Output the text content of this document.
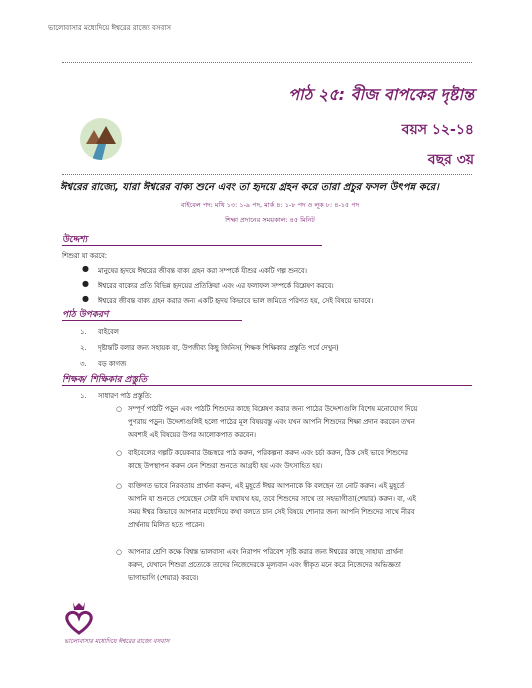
ভালোবাসার মধ্যেদিয়ে ঈশ্বরের রাজ্যে বসবাস
পাঠ ২৫: বীজ বাপকের দৃষ্টান্ত
বয়স ১২-১৪
বছর ৩য়
ঈশ্বরের রাজ্যে, যারা ঈশ্বরের বাক্য শুনে এবং তা হৃদয়ে গ্রহন করে তারা প্রচুর ফসল উৎপন্ন করে।
বাইবেল পদ: মথি ১৩: ১-৯ পদ, মার্ক ৪: ১-৮ পদ ও লূক ৮: ৪-১৫ পদ
শিক্ষা প্রদানের সময়কাল: ৪৫ মিনিট
উদ্দেশ্য
শিশুরা যা করবে:
●	মানুষের হৃদয়ে ঈশ্বরের জীবন্ত বাক্য গ্রহন করা সম্পর্কে যীশুর একটি গল্প শুনবে।
●	ঈশ্বরের বাক্যের প্রতি বিভিন্ন হৃদয়ের প্রতিক্রিয়া এবং এর ফলাফল সম্পর্কে বিশ্লেষণ করবে।
●	ঈশ্বরের জীবন্ত বাক্য গ্রহন করার জন্য একটি হৃদয় কিভাবে ভাল জমিতে পরিণত হয়, সেই বিষয়ে ভাববে।
পাঠ উপকরণ
১. বাইবেল
২. দৃষ্টান্তটি বলার জন্য সহায়ক বা, উপজীব্য কিছু জিনিস( শিক্ষক শিক্ষিকার প্রস্তুতি পর্বে দেখুন)
৩. বড় কাগজ
শিক্ষক/ শিক্ষিকার প্রস্তুতি
১. সাধারণ পাঠ প্রস্তুতি:
○ সম্পূর্ণ পাঠটি পড়ুন এবং পাঠটি শিশুদের কাছে বিশ্লেষণ করার জন্য পাঠের উদ্দেশ্যগুলি বিশেষ মনোযোগ দিয়ে
পুণরায় পড়ুন। উদ্দেশ্যগুলিই হলো পাঠের মূল বিষয়বস্তু এবং যখন আপনি শিশুদের শিক্ষা প্রদান করবেন তখন
অবশ্যই এই বিষয়ের উপর আলোকপাত করবেন।
○ বাইবেলের গল্পটি কয়েকবার উচ্চস্বরে পাঠ করুন, পরিকল্পনা করুন এবং চর্চা করুন, ঠিক সেই ভাবে শিশুদের
কাছে উপস্থাপন করুন যেন শিশুরা শুনতে আগ্রহী হয় এবং উৎসাহিত হয়।
○ ব্যক্তিগত ভাবে নিরবতায় প্রার্থনা করুন, এই মুহূর্তে ঈশ্বর আপনাকে কি বলছেন তা নোট করুন। এই মুহূর্তে
আপনি যা শুনতে পেয়েছেন সেটা যদি যথাযথ হয়, তবে শিশুদের সাথে তা সহভাগীতা(শেয়ার) করুন। বা, এই
সময় ঈশ্বর কিভাবে আপনার মধ্যেদিয়ে কথা বলতে চান সেই বিষয়ে শোনার জন্য আপনি শিশুদের সাথে নীরব
প্রার্থনায় মিলিত হতে পারেন।
○ আপনার শ্রেণি কক্ষে বিশ্বস্ত ভালবাসা এবং নিরাপদ পরিবেশ সৃষ্টি করার জন্য ঈশ্বরের কাছে সাহায্য প্রার্থনা
করুন, যেখানে শিশুরা প্রত্যেকে তাদের নিজেদেরকে মূল্যবান এবং স্বীকৃত মনে করে নিজেদের অভিজ্ঞতা
ভাগাভাগি (শেয়ার) করবে।
ভালোবাসার মধ্যেদিয়ে ঈশ্বরের রাজ্যে বসবাস
